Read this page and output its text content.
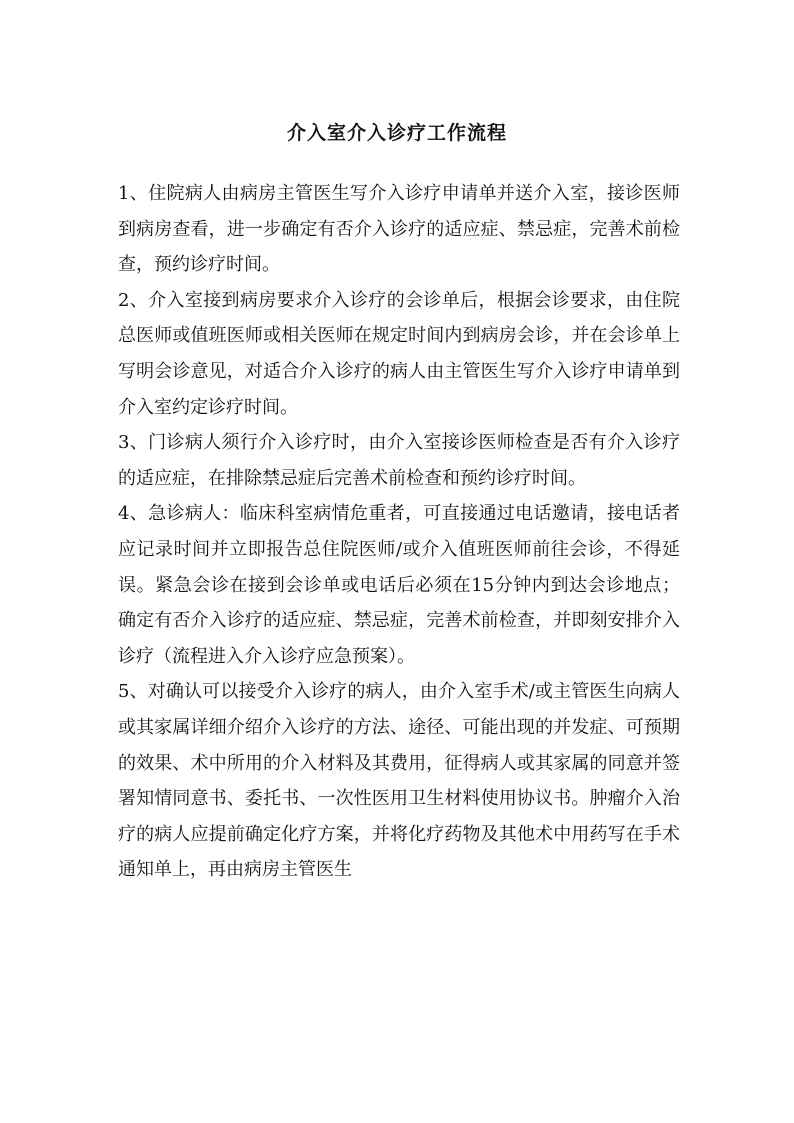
介入室介入诊疗工作流程

1、住院病人由病房主管医生写介入诊疗申请单并送介入室，接诊医师到病房查看，进一步确定有否介入诊疗的适应症、禁忌症，完善术前检查，预约诊疗时间。

2、介入室接到病房要求介入诊疗的会诊单后，根据会诊要求，由住院总医师或值班医师或相关医师在规定时间内到病房会诊，并在会诊单上写明会诊意见，对适合介入诊疗的病人由主管医生写介入诊疗申请单到介入室约定诊疗时间。

3、门诊病人须行介入诊疗时，由介入室接诊医师检查是否有介入诊疗的适应症，在排除禁忌症后完善术前检查和预约诊疗时间。

4、急诊病人：临床科室病情危重者，可直接通过电话邀请，接电话者应记录时间并立即报告总住院医师/或介入值班医师前往会诊，不得延误。紧急会诊在接到会诊单或电话后必须在15分钟内到达会诊地点；确定有否介入诊疗的适应症、禁忌症，完善术前检查，并即刻安排介入诊疗（流程进入介入诊疗应急预案）。

5、对确认可以接受介入诊疗的病人，由介入室手术/或主管医生向病人或其家属详细介绍介入诊疗的方法、途径、可能出现的并发症、可预期的效果、术中所用的介入材料及其费用，征得病人或其家属的同意并签署知情同意书、委托书、一次性医用卫生材料使用协议书。肿瘤介入治疗的病人应提前确定化疗方案，并将化疗药物及其他术中用药写在手术通知单上，再由病房主管医生
